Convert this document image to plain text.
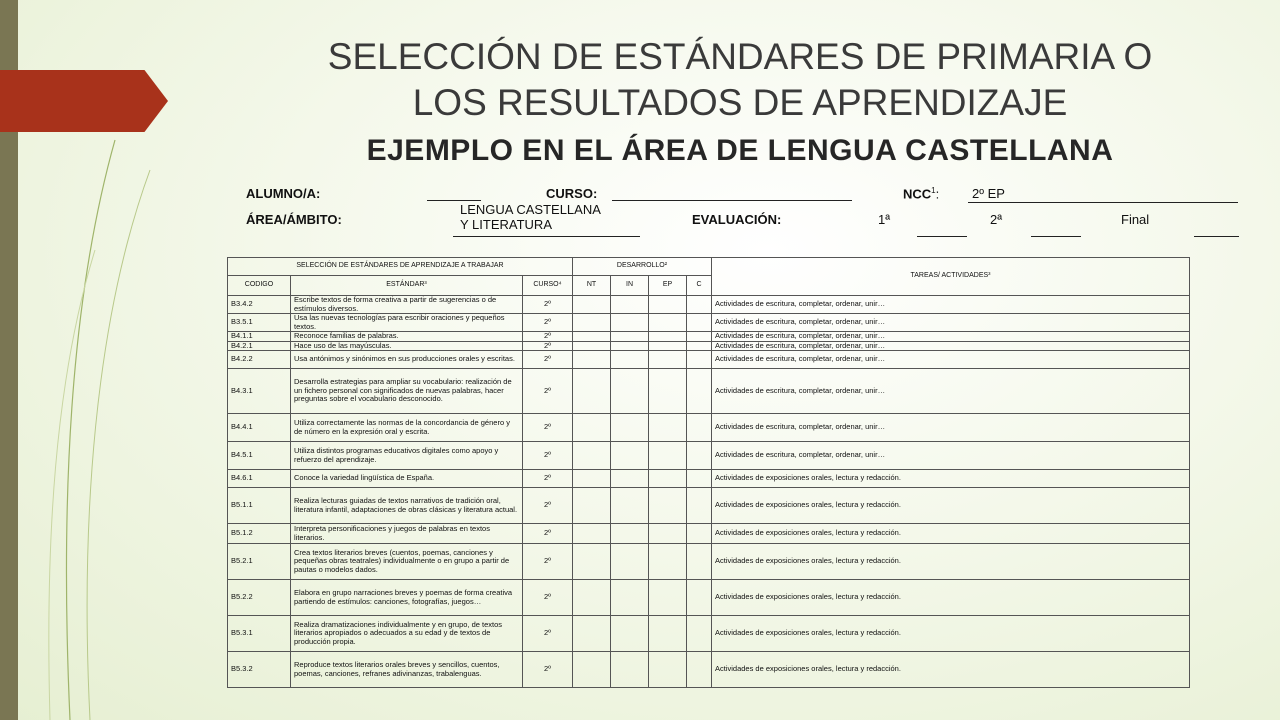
SELECCIÓN DE ESTÁNDARES DE PRIMARIA O
LOS RESULTADOS DE APRENDIZAJE
EJEMPLO EN EL ÁREA DE LENGUA CASTELLANA
ALUMNO/A:	CURSO:	NCC$^1$:	2º EP
ÁREA/ÁMBITO:
LENGUA CASTELLANA
Y LITERATURA	EVALUACIÓN:	1ª	2ª	Final
SELECCIÓN DE ESTÁNDARES DE APRENDIZAJE A TRABAJAR			DESARROLLO²				TAREAS/ ACTIVIDADES³
CODIGO	ESTÁNDAR³	CURSO⁴	NT	IN	EP	C	
B3.4.2	Escribe textos de forma creativa a partir de sugerencias o de estímulos diversos.	2º					Actividades de escritura, completar, ordenar, unir…
B3.5.1	Usa las nuevas tecnologías para escribir oraciones y pequeños textos.	2º					Actividades de escritura, completar, ordenar, unir…
B4.1.1	Reconoce familias de palabras.	2º					Actividades de escritura, completar, ordenar, unir…
B4.2.1	Hace uso de las mayúsculas.	2º					Actividades de escritura, completar, ordenar, unir…
B4.2.2	Usa antónimos y sinónimos en sus producciones orales y escritas.	2º					Actividades de escritura, completar, ordenar, unir…
B4.3.1	Desarrolla estrategias para ampliar su vocabulario: realización de un fichero personal con significados de nuevas palabras, hacer preguntas sobre el vocabulario desconocido.	2º					Actividades de escritura, completar, ordenar, unir…
B4.4.1	Utiliza correctamente las normas de la concordancia de género y de número en la expresión oral y escrita.	2º					Actividades de escritura, completar, ordenar, unir…
B4.5.1	Utiliza distintos programas educativos digitales como apoyo y refuerzo del aprendizaje.	2º					Actividades de escritura, completar, ordenar, unir…
B4.6.1	Conoce la variedad lingüística de España.	2º					Actividades de exposiciones orales, lectura y redacción.
B5.1.1	Realiza lecturas guiadas de textos narrativos de tradición oral, literatura infantil, adaptaciones de obras clásicas y literatura actual.	2º					Actividades de exposiciones orales, lectura y redacción.
B5.1.2	Interpreta personificaciones y juegos de palabras en textos literarios.	2º					Actividades de exposiciones orales, lectura y redacción.
B5.2.1	Crea textos literarios breves (cuentos, poemas, canciones y pequeñas obras teatrales) individualmente o en grupo a partir de pautas o modelos dados.	2º					Actividades de exposiciones orales, lectura y redacción.
B5.2.2	Elabora en grupo narraciones breves y poemas de forma creativa partiendo de estímulos: canciones, fotografías, juegos…	2º					Actividades de exposiciones orales, lectura y redacción.
B5.3.1	Realiza dramatizaciones individualmente y en grupo, de textos literarios apropiados o adecuados a su edad y de textos de producción propia.	2º					Actividades de exposiciones orales, lectura y redacción.
B5.3.2	Reproduce textos literarios orales breves y sencillos, cuentos, poemas, canciones, refranes adivinanzas, trabalenguas.	2º					Actividades de exposiciones orales, lectura y redacción.
